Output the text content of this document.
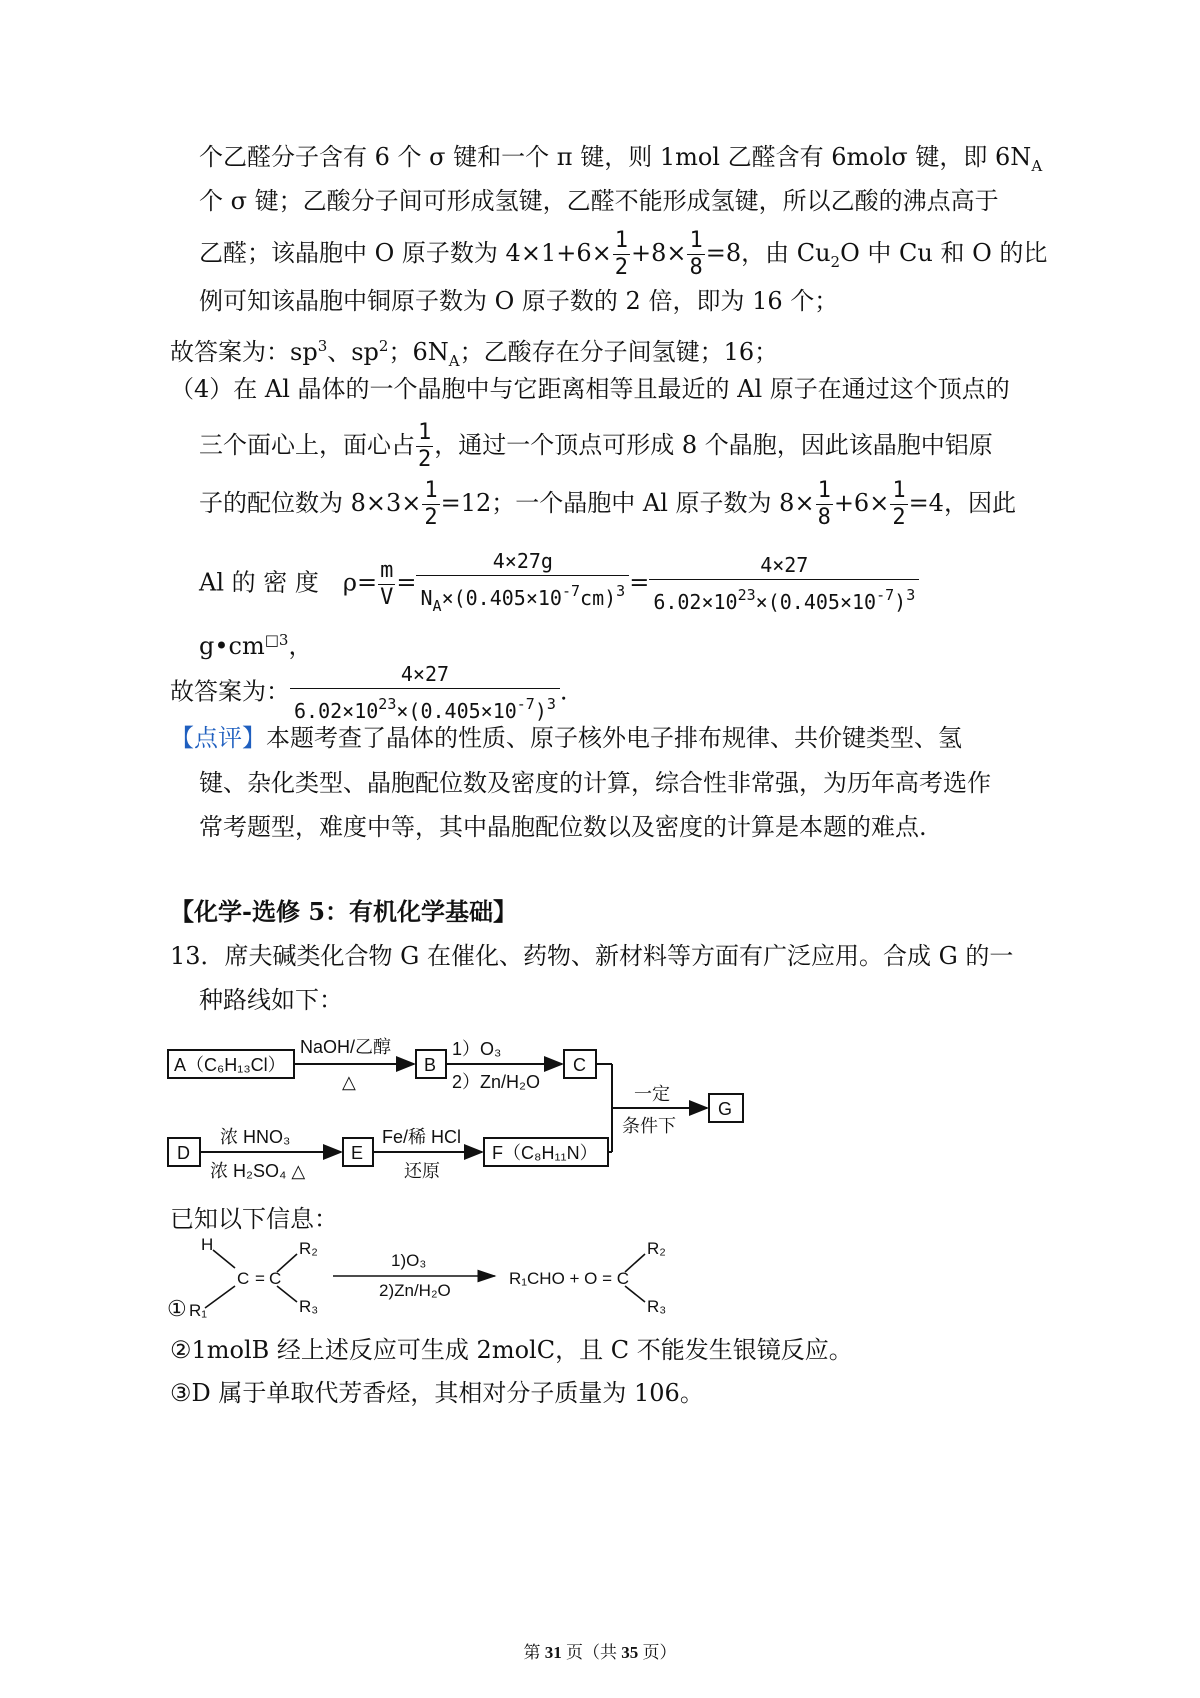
个乙醛分子含有 6 个 σ 键和一个 π 键，则 1mol 乙醛含有 6molσ 键，即 $6N_A$
个 σ 键；乙酸分子间可形成氢键，乙醛不能形成氢键，所以乙酸的沸点高于
乙醛；该晶胞中 O 原子数为 $4\times 1+6\times \frac{1}{2} +8\times \frac{1}{8} =8$，由 $Cu_2O$ 中 Cu 和 O 的比
例可知该晶胞中铜原子数为 O 原子数的 2 倍，即为 16 个；
故答案为：$sp^3$、$sp^2$；$6N_A$；乙酸存在分子间氢键；16；
（4）在 Al 晶体的一个晶胞中与它距离相等且最近的 Al 原子在通过这个顶点的
三个面心上，面心占 $\frac{1}{2}$ ，通过一个顶点可形成 8 个晶胞，因此该晶胞中铝原
子的配位数为 $8\times 3\times \frac{1}{2} =12$；一个晶胞中 Al 原子数为 $8\times \frac{1}{8} +6\times \frac{1}{2} =4$，因此
Al 的 密 度　$\rho= \frac{m}{V} = \frac{4\times 27g}{N_A\times(0.405\times 10^{-7}cm)^3} = \frac{4\times 27}{6.02\times 10^{23}\times(0.405\times 10^{-7})^3}$
$g•cm^{□3}$，
故答案为： $\frac{4\times 27}{6.02\times 10^{23}\times(0.405\times 10^{-7})^3}$ .
【点评】本题考查了晶体的性质、原子核外电子排布规律、共价键类型、氢
键、杂化类型、晶胞配位数及密度的计算，综合性非常强，为历年高考选作
常考题型，难度中等，其中晶胞配位数以及密度的计算是本题的难点.
【化学-选修 5：有机化学基础】
13．席夫碱类化合物 G 在催化、药物、新材料等方面有广泛应用。合成 G 的一
种路线如下：
A（C₆H₁₃Cl）
NaOH/乙醇
△
B
1）O₃
2）Zn/H₂O
C
D
浓 HNO₃
浓 H₂SO₄ △
E
Fe/稀 HCl
还原
F（C₈H₁₁N）
一定
条件下
G
已知以下信息：
①
H
R₁
C = C
R₂
R₃
1)O₃
2)Zn/H₂O
R₁CHO + O = C
R₂
R₃
②1molB 经上述反应可生成 2molC，且 C 不能发生银镜反应。
③D 属于单取代芳香烃，其相对分子质量为 106。
第 31 页（共 35 页）
